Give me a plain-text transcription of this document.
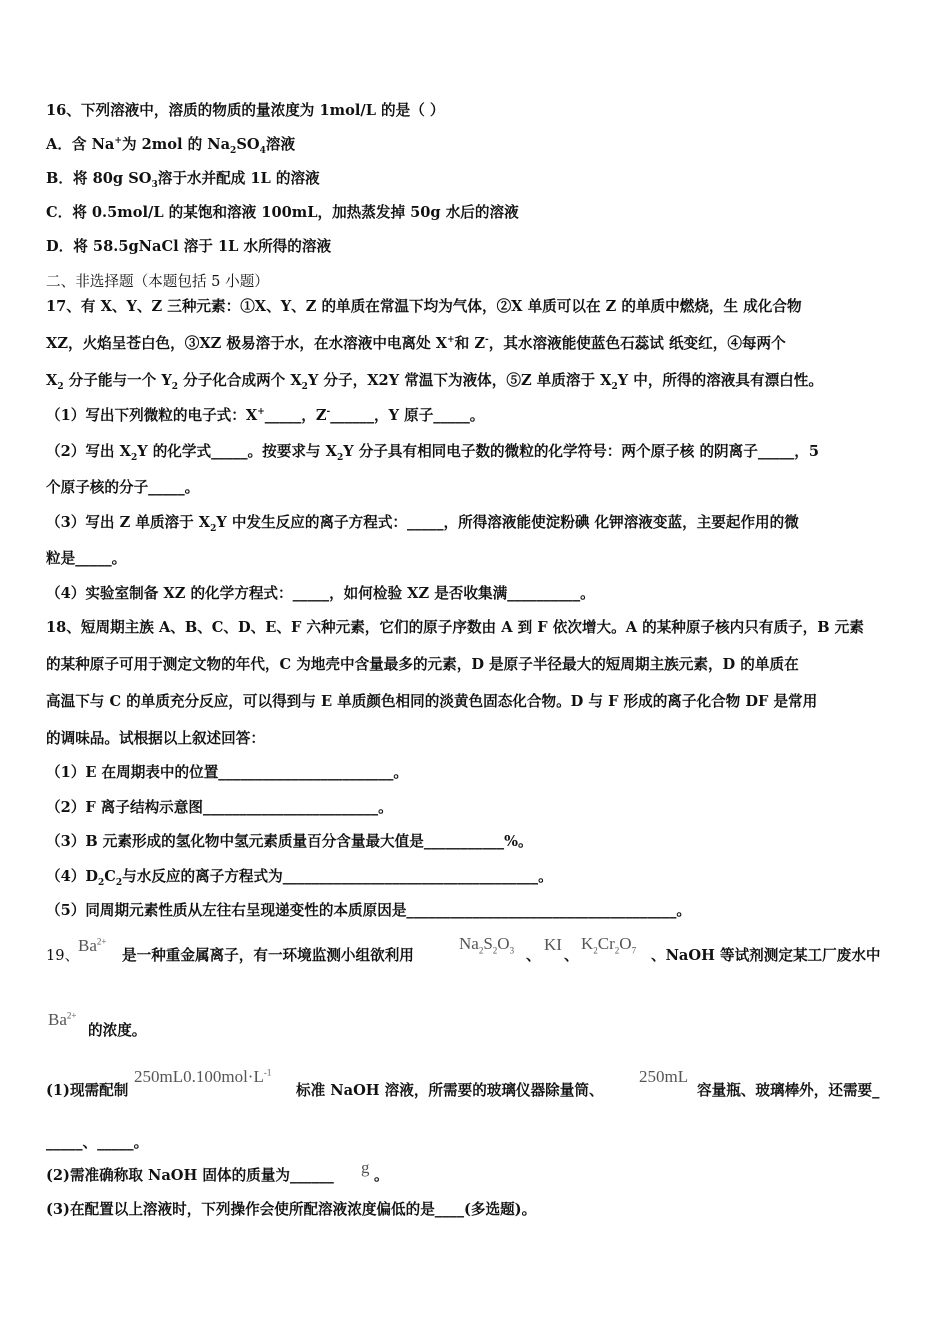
16、下列溶液中，溶质的物质的量浓度为 1mol/L 的是（ ）
A．含 Na+为 2mol 的 $Na_2SO_4$溶液
B．将 80g $SO_3$溶于水并配成 1L 的溶液
C．将 0.5mol/L 的某饱和溶液 100mL，加热蒸发掉 50g 水后的溶液
D．将 58.5gNaCl 溶于 1L 水所得的溶液
二、非选择题（本题包括 5 小题）
17、有 X、Y、Z 三种元素：①X、Y、Z 的单质在常温下均为气体，②X 单质可以在 Z 的单质中燃烧，生 成化合物
XZ，火焰呈苍白色，③XZ 极易溶于水，在水溶液中电离处 X+和 Z-，其水溶液能使蓝色石蕊试 纸变红，④每两个
$X_2$ 分子能与一个 $Y_2$ 分子化合成两个 $X_2Y$ 分子，X2Y 常温下为液体，⑤Z 单质溶于 $X_2Y$ 中，所得的溶液具有漂白性。
（1）写出下列微粒的电子式：X+_____，Z-______，Y 原子_____。
（2）写出 $X_2Y$ 的化学式_____。按要求与 $X_2Y$ 分子具有相同电子数的微粒的化学符号：两个原子核 的阴离子_____，5
个原子核的分子_____。
（3）写出 Z 单质溶于 $X_2Y$ 中发生反应的离子方程式：_____，所得溶液能使淀粉碘 化钾溶液变蓝，主要起作用的微
粒是_____。
（4）实验室制备 XZ 的化学方程式：_____，如何检验 XZ 是否收集满__________。
18、短周期主族 A、B、C、D、E、F 六种元素，它们的原子序数由 A 到 F 依次增大。A 的某种原子核内只有质子，B 元素
的某种原子可用于测定文物的年代，C 为地壳中含量最多的元素，D 是原子半径最大的短周期主族元素，D 的单质在
高温下与 C 的单质充分反应，可以得到与 E 单质颜色相同的淡黄色固态化合物。D 与 F 形成的离子化合物 DF 是常用
的调味品。试根据以上叙述回答：
（1）E 在周期表中的位置________________________。
（2）F 离子结构示意图________________________。
（3）B 元素形成的氢化物中氢元素质量百分含量最大值是___________%。
$(4)D_2C_2$与水反应的离子方程式为___________________________________。
（5）同周期元素性质从左往右呈现递变性的本质原因是_____________________________________。
19、
$Ba^{2+}$
是一种重金属离子，有一环境监测小组欲利用
$Na_2S_2O_3$ 、
KI
、
$K_2Cr_2O_7$ 、NaOH 等试剂测定某工厂废水中
$Ba^{2+}$
的浓度。
(1)现需配制
$250mL0.100mol\cdot L^{-1}$
标准 NaOH 溶液，所需要的玻璃仪器除量筒、
250mL
容量瓶、玻璃棒外，还需要_
_____、_____。
(2)需准确称取 NaOH 固体的质量为______ g 。
(3)在配置以上溶液时，下列操作会使所配溶液浓度偏低的是____(多选题)。
